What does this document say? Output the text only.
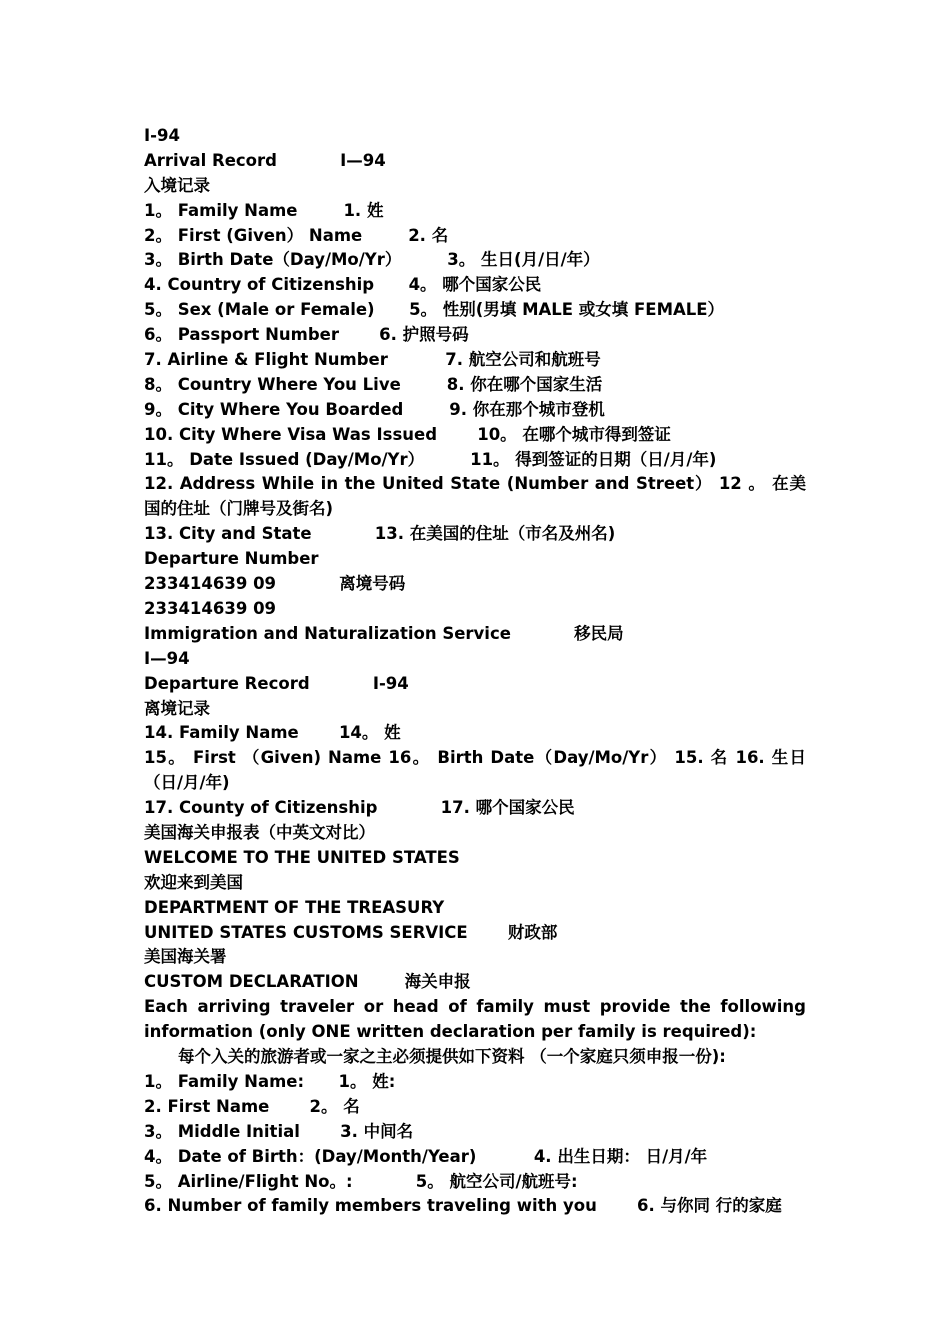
I-94
Arrival Record           I—94
入境记录
1。 Family Name        1. 姓
2。 First (Given） Name        2. 名
3。 Birth Date（Day/Mo/Yr）        3。 生日(月/日/年）
4. Country of Citizenship      4。 哪个国家公民
5。 Sex (Male or Female)      5。 性别(男填 MALE 或女填 FEMALE）
6。 Passport Number       6. 护照号码
7. Airline & Flight Number          7. 航空公司和航班号
8。 Country Where You Live        8. 你在哪个国家生活
9。 City Where You Boarded        9. 你在那个城市登机
10. City Where Visa Was Issued       10。 在哪个城市得到签证
11。 Date Issued (Day/Mo/Yr）        11。 得到签证的日期（日/月/年)
12. Address While in the United State (Number and Street） 12 。 在美国的住址（门牌号及街名)
13. City and State           13. 在美国的住址（市名及州名)
Departure Number
233414639 09           离境号码
233414639 09
Immigration and Naturalization Service           移民局
I—94
Departure Record           I-94
离境记录
14. Family Name       14。 姓
15。 First （Given) Name 16。 Birth Date（Day/Mo/Yr） 15. 名 16. 生日（日/月/年)
17. County of Citizenship           17. 哪个国家公民
美国海关申报表（中英文对比）
WELCOME TO THE UNITED STATES
欢迎来到美国
DEPARTMENT OF THE TREASURY
UNITED STATES CUSTOMS SERVICE       财政部
美国海关署
CUSTOM DECLARATION        海关申报
Each arriving traveler or head of family must provide the following information (only ONE written declaration per family is required):
每个入关的旅游者或一家之主必须提供如下资料 （一个家庭只须申报一份):
1。 Family Name:      1。 姓:
2. First Name       2。 名
3。 Middle Initial       3. 中间名
4。 Date of Birth：(Day/Month/Year)          4. 出生日期： 日/月/年
5。 Airline/Flight No。:           5。 航空公司/航班号:
6. Number of family members traveling with you       6. 与你同 行的家庭
